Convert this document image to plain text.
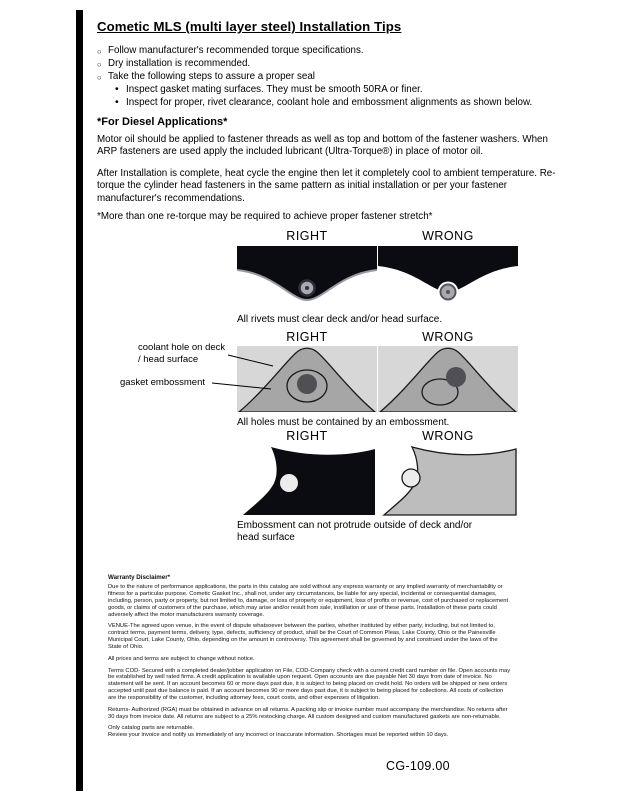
Cometic MLS (multi layer steel) Installation Tips
○ Follow manufacturer's recommended torque specifications.
○ Dry installation is recommended.
○ Take the following steps to assure a proper seal
• Inspect gasket mating surfaces. They must be smooth 50RA or finer.
• Inspect for proper, rivet clearance, coolant hole and embossment alignments as shown below.
*For Diesel Applications*

Motor oil should be applied to fastener threads as well as top and bottom of the fastener washers. When ARP fasteners are used apply the included lubricant (Ultra-Torque®) in place of motor oil.

After Installation is complete, heat cycle the engine then let it completely cool to ambient temperature. Re-torque the cylinder head fasteners in the same pattern as initial installation or per your fastener manufacturer's recommendations.

*More than one re-torque may be required to achieve proper fastener stretch*

RIGHT	WRONG
All rivets must clear deck and/or head surface.
RIGHT	WRONG
coolant hole on deck / head surface
gasket embossment
All holes must be contained by an embossment.
RIGHT	WRONG
Embossment can not protrude outside of deck and/or head surface
Warranty Disclaimer*

Due to the nature of performance applications, the parts in this catalog are sold without any express warranty or any implied warranty of merchantability or fitness for a particular purpose. Cometic Gasket Inc., shall not, under any circumstances, be liable for any special, incidental or consequential damages, including, person, party or property, but not limited to, damage, or loss of property or equipment, loss of profits or revenue, cost of purchased or replacement goods, or claims of customers of the purchase, which may arise and/or result from sale, instillation or use of these parts. Installation of these parts could adversely affect the motor manufacturers warranty coverage.

VENUE-The agreed upon venue, in the event of dispute whatsoever between the parties, whether instituted by either party, including, but not limited to, contract terms, payment terms, delivery, type, defects, sufficiency of product, shall be the Court of Common Pleas, Lake County, Ohio or the Painesville Municipal Court, Lake County, Ohio, depending on the amount in controversy. This agreement shall be governed by and construed under the laws of the State of Ohio.

All prices and terms are subject to change without notice.

Terms COD- Secured with a completed dealer/jobber application on File, COD-Company check with a current credit card number on file. Open accounts may be established by well rated firms. A credit application is available upon request. Open accounts are due payable Net 30 days from date of invoice. No statement will be sent. If an account becomes 60 or more days past due, it is subject to being placed on credit hold. No orders will be shipped or new orders accepted until past due balance is paid. If an account becomes 90 or more days past due, it is subject to being placed for collections. All costs of collection are the responsibility of the customer, including attorney fees, court costs, and other expenses of litigation.

Returns- Authorized (RGA) must be obtained in advance on all returns. A packing slip or invoice number must accompany the merchandise. No returns after 30 days from invoice date. All returns are subject to a 25% restocking charge. All custom designed and custom manufactured gaskets are non-returnable.

Only catalog parts are returnable.

Review your invoice and notify us immediately of any incorrect or inaccurate information. Shortages must be reported within 10 days.

CG-109.00
